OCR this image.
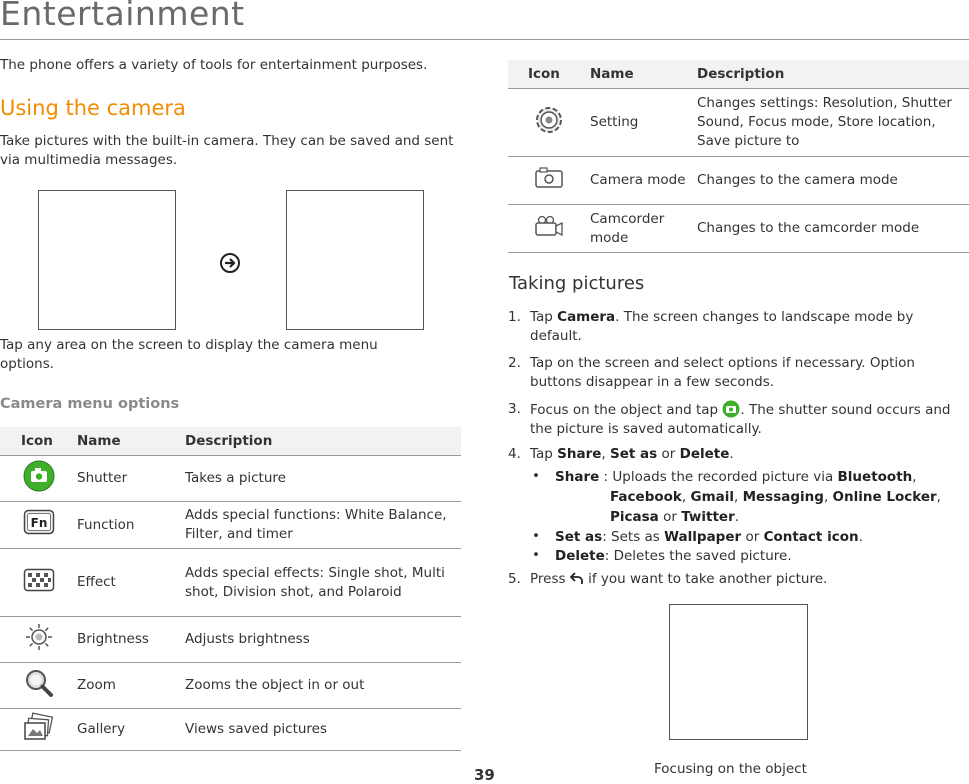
Entertainment
The phone offers a variety of tools for entertainment purposes.
Using the camera
Take pictures with the built-in camera. They can be saved and sent via multimedia messages.
Tap any area on the screen to display the camera menu options.
Camera menu options
Icon	Name	Description
	Shutter	Takes a picture

Fn	Function	Adds special functions: White Balance, Filter, and timer
	Effect	Adds special effects: Single shot, Multi shot, Division shot, and Polaroid
	Brightness	Adjusts brightness
	Zoom	Zooms the object in or out
	Gallery	Views saved pictures
Icon	Name	Description
	Setting	Changes settings: Resolution, Shutter Sound, Focus mode, Store location, Save picture to
	Camera mode	Changes to the camera mode
	Camcorder mode	Changes to the camcorder mode
Taking pictures
1. Tap Camera. The screen changes to landscape mode by default.
2. Tap on the screen and select options if necessary. Option buttons disappear in a few seconds.
3. Focus on the object and tap . The shutter sound occurs and the picture is saved automatically.
4. Tap Share, Set as or Delete.
• Share : Uploads the recorded picture via Bluetooth,
Facebook, Gmail, Messaging, Online Locker,
Picasa or Twitter.
• Set as: Sets as Wallpaper or Contact icon.
• Delete: Deletes the saved picture.
5. Press  if you want to take another picture.
Focusing on the object
39
